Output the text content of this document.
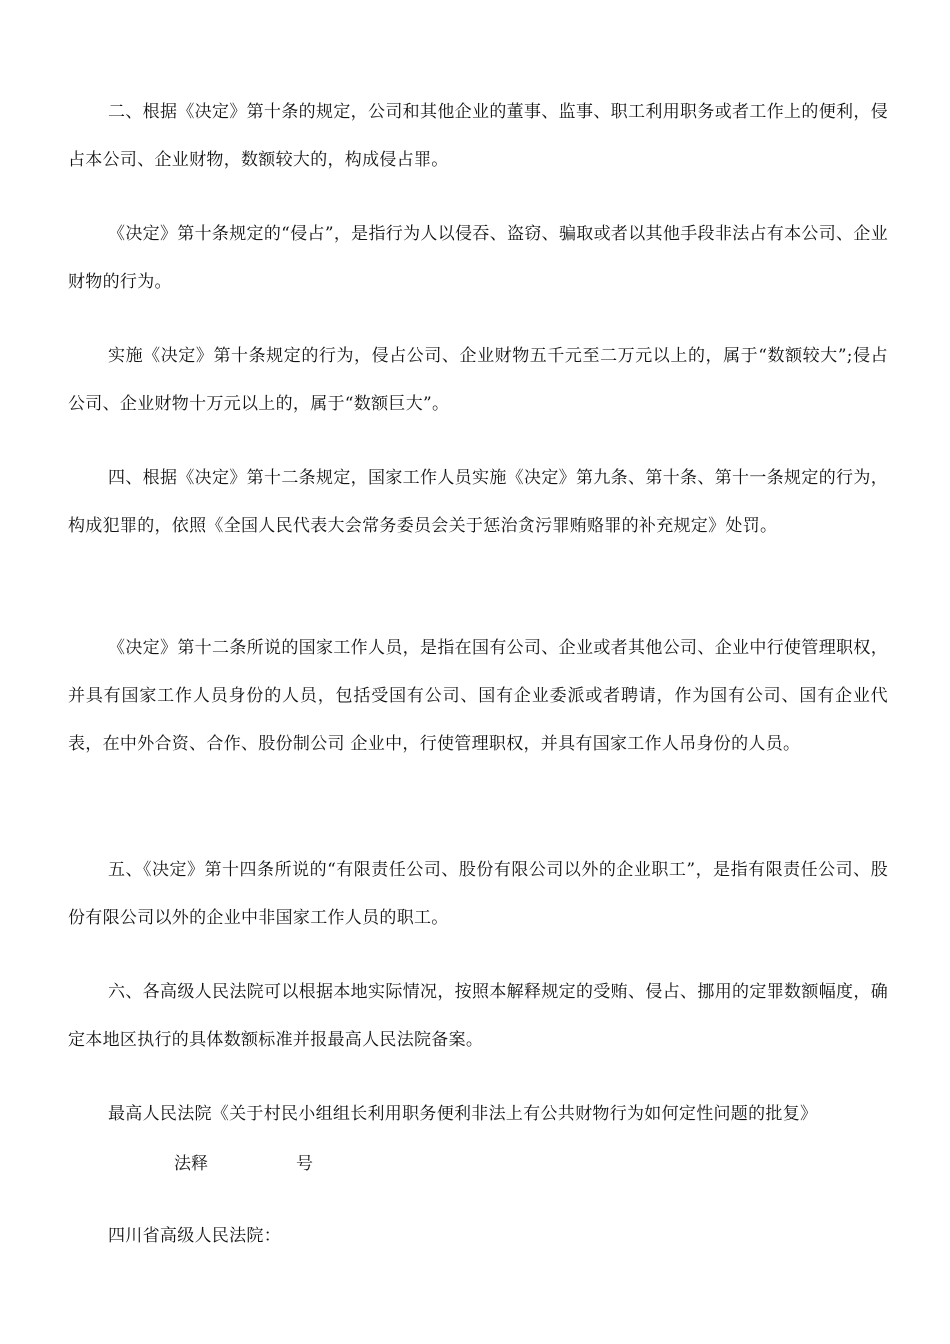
二、根据《决定》第十条的规定，公司和其他企业的董事、监事、职工利用职务或者工作上的便利，侵占本公司、企业财物，数额较大的，构成侵占罪。

《决定》第十条规定的“侵占”，是指行为人以侵吞、盗窃、骗取或者以其他手段非法占有本公司、企业财物的行为。

实施《决定》第十条规定的行为，侵占公司、企业财物五千元至二万元以上的，属于“数额较大”;侵占公司、企业财物十万元以上的，属于“数额巨大”。

四、根据《决定》第十二条规定，国家工作人员实施《决定》第九条、第十条、第十一条规定的行为，构成犯罪的，依照《全国人民代表大会常务委员会关于惩治贪污罪贿赂罪的补充规定》处罚。

《决定》第十二条所说的国家工作人员，是指在国有公司、企业或者其他公司、企业中行使管理职权，并具有国家工作人员身份的人员，包括受国有公司、国有企业委派或者聘请，作为国有公司、国有企业代表，在中外合资、合作、股份制公司 企业中，行使管理职权，并具有国家工作人吊身份的人员。

五、《决定》第十四条所说的“有限责任公司、股份有限公司以外的企业职工”，是指有限责任公司、股份有限公司以外的企业中非国家工作人员的职工。

六、各高级人民法院可以根据本地实际情况，按照本解释规定的受贿、侵占、挪用的定罪数额幅度，确定本地区执行的具体数额标准并报最高人民法院备案。

最高人民法院《关于村民小组组长利用职务便利非法上有公共财物行为如何定性问题的批复》

法释	号

四川省高级人民法院：
